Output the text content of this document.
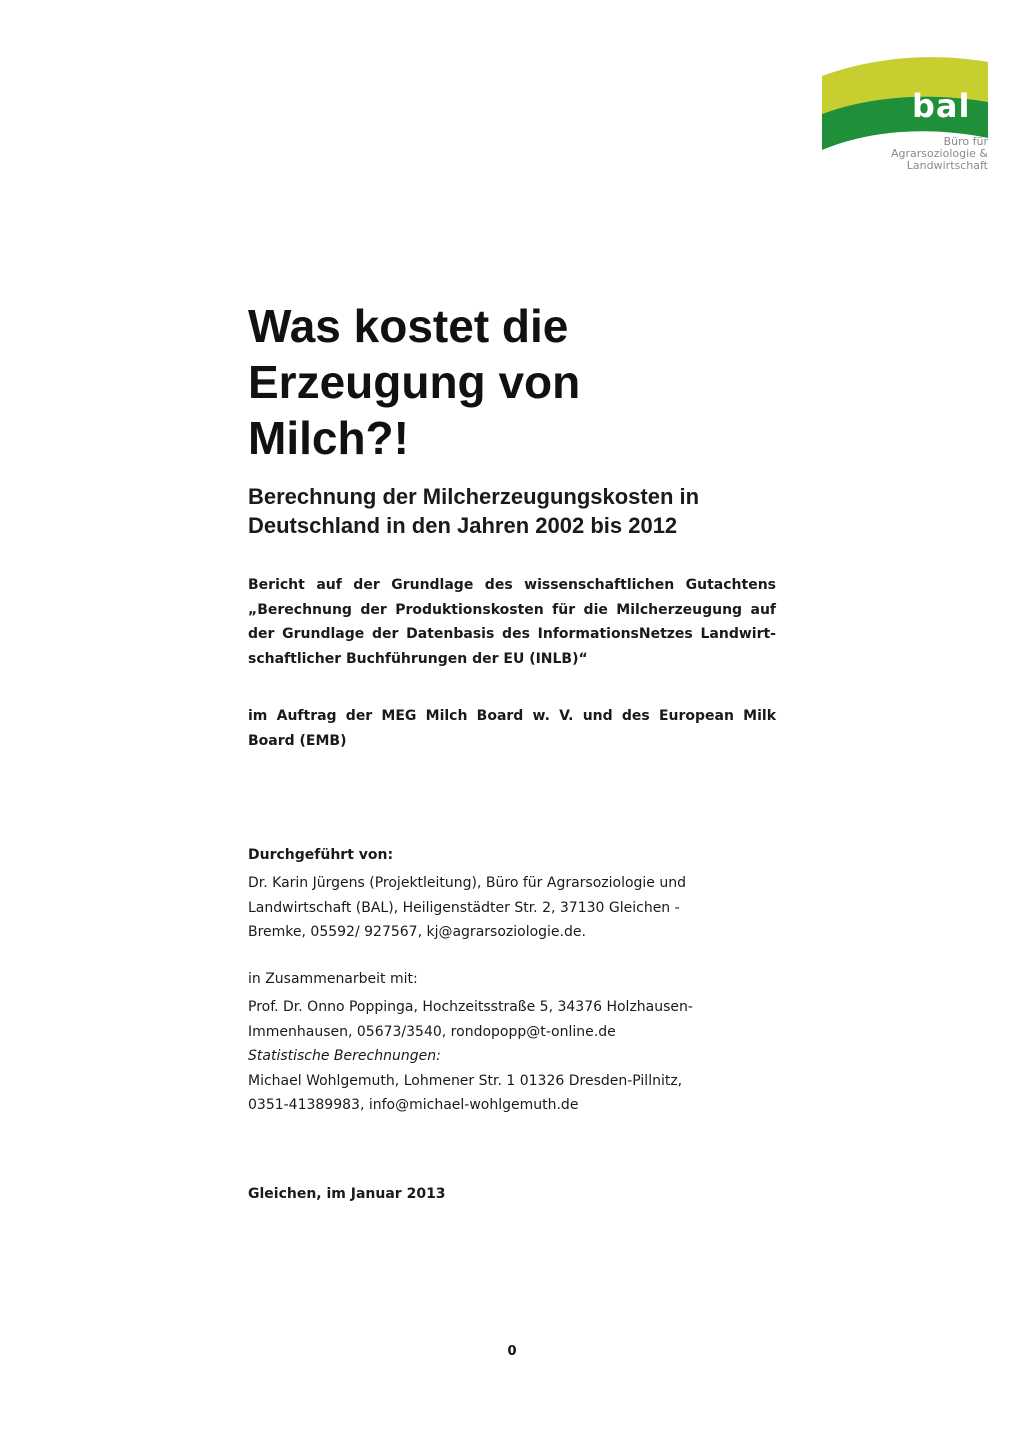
bal
Büro für
Agrarsoziologie &
Landwirtschaft
Was kostet die
Erzeugung von
Milch?!
Berechnung der Milcherzeugungskosten in
Deutschland in den Jahren 2002 bis 2012

Bericht auf der Grundlage des wissenschaftlichen Gutachtens „Berechnung der Produktionskosten für die Milcherzeugung auf der Grundlage der Datenbasis des InformationsNetzes Landwirt-schaftlicher Buchführungen der EU (INLB)“

im Auftrag der MEG Milch Board w. V. und des European Milk Board (EMB)

Durchgeführt von:
Dr. Karin Jürgens (Projektleitung), Büro für Agrarsoziologie und
Landwirtschaft (BAL), Heiligenstädter Str. 2, 37130 Gleichen -
Bremke, 05592/ 927567, kj@agrarsoziologie.de.
in Zusammenarbeit mit:
Prof. Dr. Onno Poppinga, Hochzeitsstraße 5, 34376 Holzhausen-
Immenhausen, 05673/3540, rondopopp@t-online.de
Statistische Berechnungen:
Michael Wohlgemuth, Lohmener Str. 1 01326 Dresden-Pillnitz,
0351-41389983, info@michael-wohlgemuth.de
Gleichen, im Januar 2013
0
